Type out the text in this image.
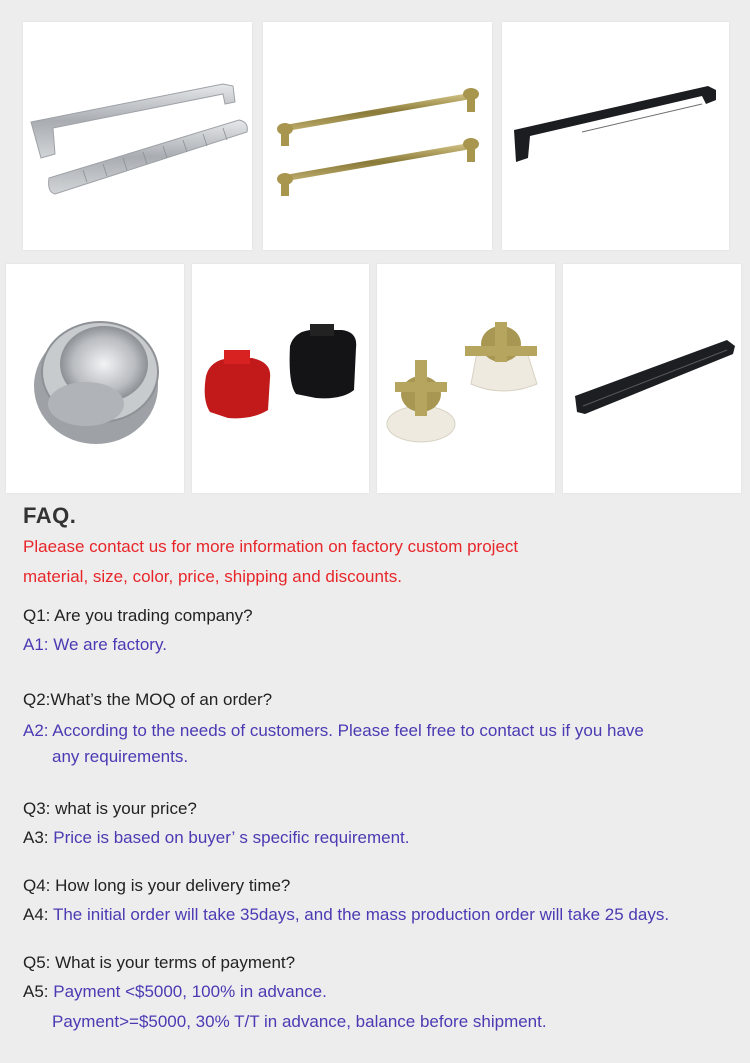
FAQ.
Plaease contact us for more information on factory custom project
material, size, color, price, shipping and discounts.
Q1: Are you trading company?
A1: We are factory.
Q2:What’s the MOQ of an order?
A2: According to the needs of customers. Please feel free to contact us if you have
any requirements.
Q3: what is your price?
A3: Price is based on buyer’ s specific requirement.
Q4: How long is your delivery time?
A4: The initial order will take 35days, and the mass production order will take 25 days.
Q5: What is your terms of payment?
A5: Payment <$5000, 100% in advance.
Payment>=$5000, 30% T/T in advance, balance before shipment.
